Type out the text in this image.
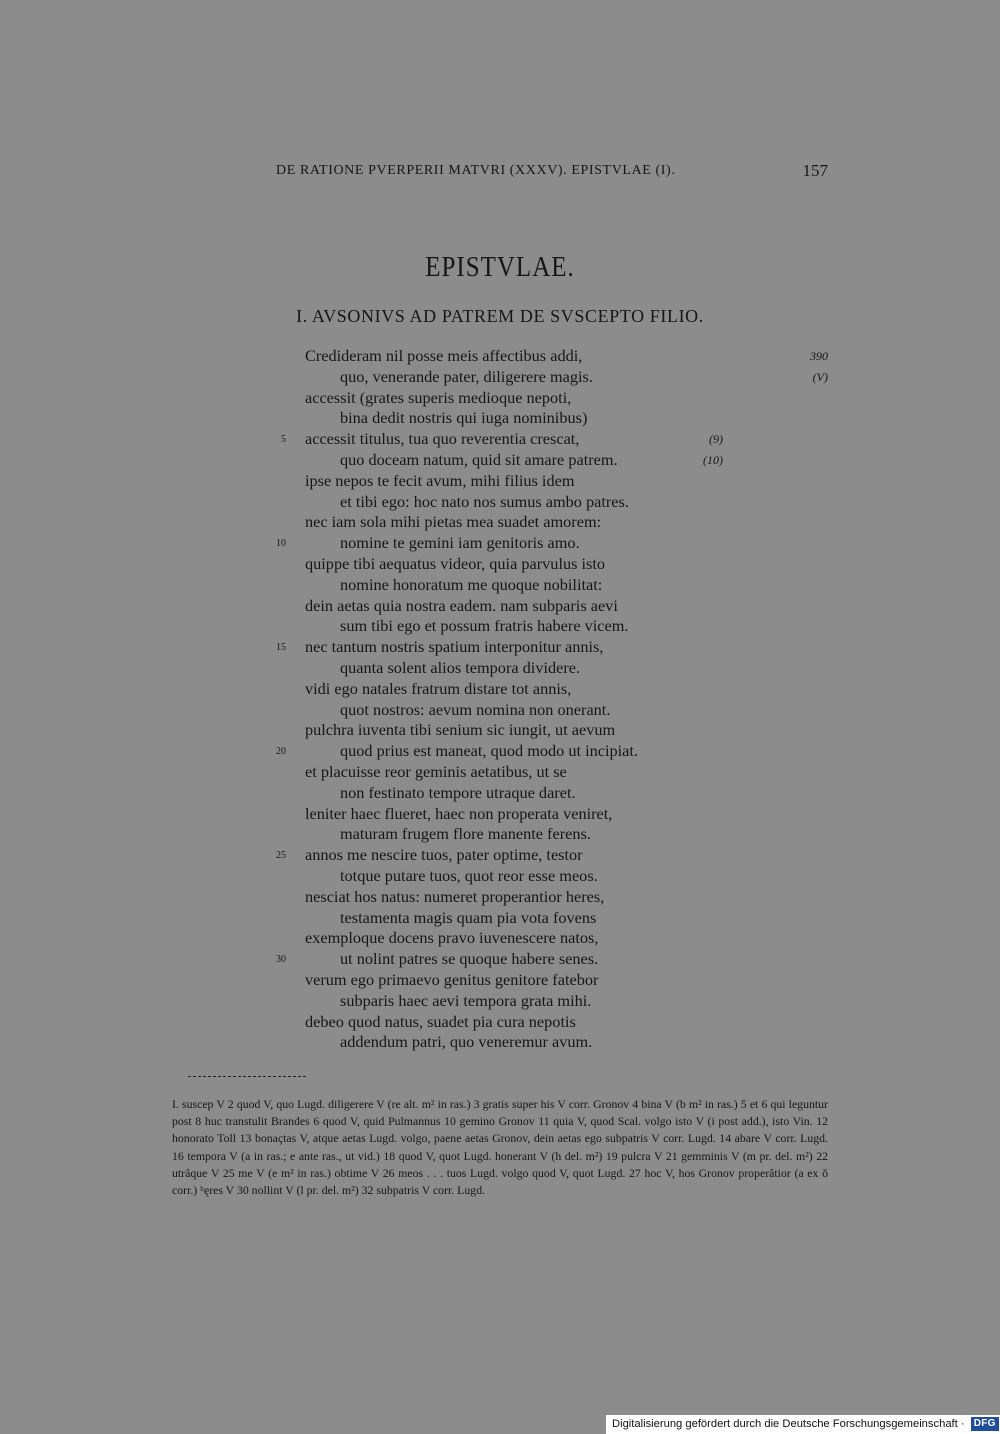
DE RATIONE PVERPERII MATVRI (XXXV). EPISTVLAE (I).	157
EPISTVLAE.
I. AVSONIVS AD PATREM DE SVSCEPTO FILIO.
Credideram nil posse meis affectibus addi,	390
quo, venerande pater, diligerere magis.	(V)
accessit (grates superis medioque nepoti,
bina dedit nostris qui iuga nominibus)
5 accessit titulus, tua quo reverentia crescat,	(9)
quo doceam natum, quid sit amare patrem.	(10)
ipse nepos te fecit avum, mihi filius idem
et tibi ego: hoc nato nos sumus ambo patres.
nec iam sola mihi pietas mea suadet amorem:
10	nomine te gemini iam genitoris amo.
quippe tibi aequatus videor, quia parvulus isto
nomine honoratum me quoque nobilitat:
dein aetas quia nostra eadem. nam subparis aevi
sum tibi ego et possum fratris habere vicem.
15 nec tantum nostris spatium interponitur annis,
quanta solent alios tempora dividere.
vidi ego natales fratrum distare tot annis,
quot nostros: aevum nomina non onerant.
pulchra iuventa tibi senium sic iungit, ut aevum
20	quod prius est maneat, quod modo ut incipiat.
et placuisse reor geminis aetatibus, ut se
non festinato tempore utraque daret.
leniter haec flueret, haec non properata veniret,
maturam frugem flore manente ferens.
25 annos me nescire tuos, pater optime, testor
totque putare tuos, quot reor esse meos.
nesciat hos natus: numeret properantior heres,
testamenta magis quam pia vota fovens
exemploque docens pravo iuvenescere natos,
30	ut nolint patres se quoque habere senes.
verum ego primaevo genitus genitore fatebor
subparis haec aevi tempora grata mihi.
debeo quod natus, suadet pia cura nepotis
addendum patri, quo veneremur avum.

I. suscep V 2 quod V, quo Lugd. diligerere V (re alt. m² in ras.) 3 gratis super his V corr. Gronov 4 bina V (b m² in ras.) 5 et 6 qui leguntur post 8 huc transtulit Brandes 6 quod V, quid Pulmannus 10 gemino Gronov 11 quia V, quod Scal. volgo isto V (i post add.), isto Vin. 12 honorato Toll 13 bonaçtas V, atque aetas Lugd. volgo, paene aetas Gronov, dein aetas ego subpatris V corr. Lugd. 14 abare V corr. Lugd. 16 tempora V (a in ras.; e ante ras., ut vid.) 18 quod V, quot Lugd. honerant V (h del. m²) 19 pulcra V 21 gemminis V (m pr. del. m²) 22 utrâque V 25 me V (e m² in ras.) obtime V 26 meos . . . tuos Lugd. volgo quod V, quot Lugd. 27 hoc V, hos Gronov properâtior (a ex ŏ corr.) ʰęres V 30 nollint V (l pr. del. m²) 32 subpatris V corr. Lugd.

Digitalisierung gefördert durch die Deutsche Forschungsgemeinschaft · DFG
